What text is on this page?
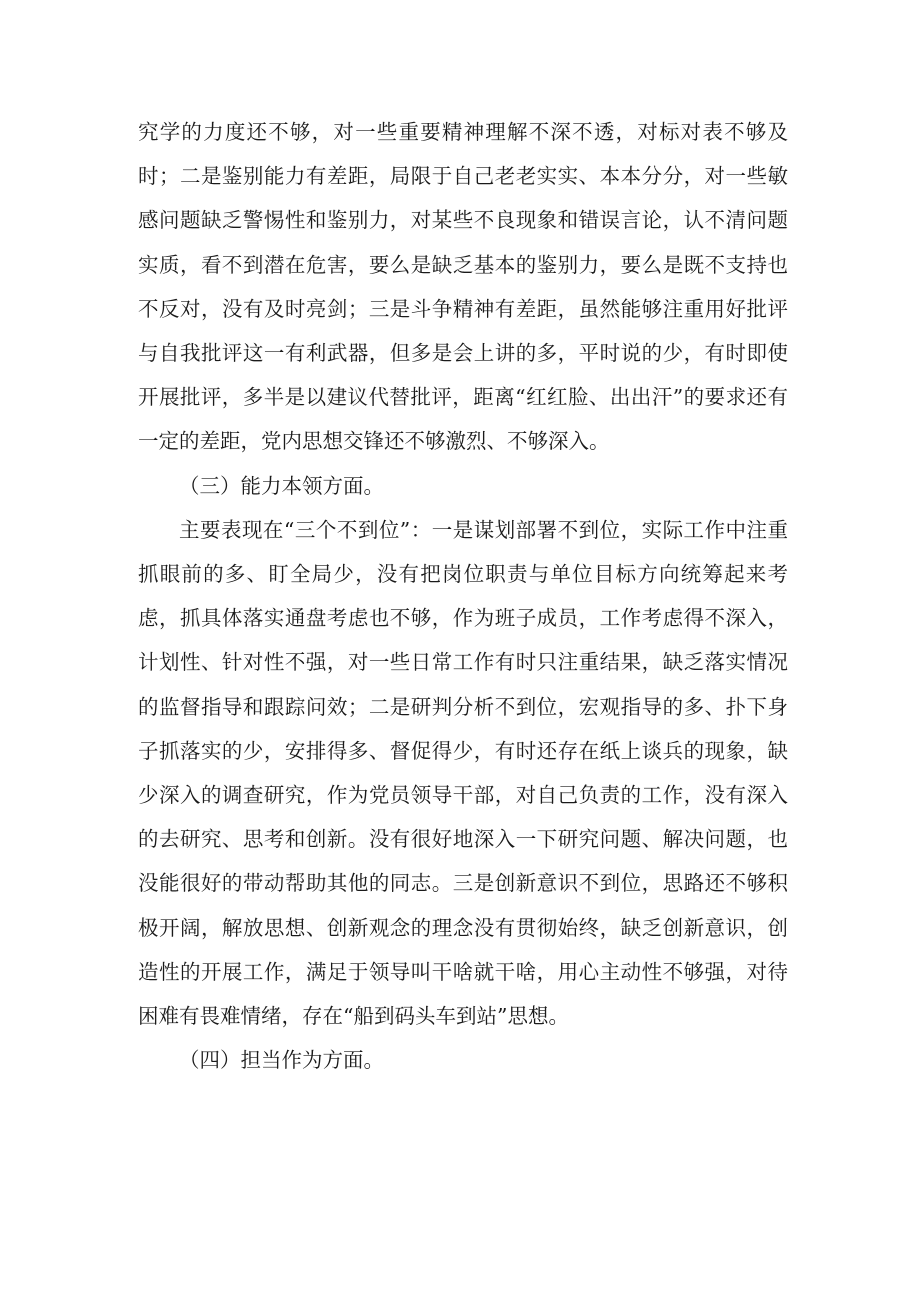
究学的力度还不够，对一些重要精神理解不深不透，对标对表不够及时；二是鉴别能力有差距，局限于自己老老实实、本本分分，对一些敏感问题缺乏警惕性和鉴别力，对某些不良现象和错误言论，认不清问题实质，看不到潜在危害，要么是缺乏基本的鉴别力，要么是既不支持也不反对，没有及时亮剑；三是斗争精神有差距，虽然能够注重用好批评与自我批评这一有利武器，但多是会上讲的多，平时说的少，有时即使开展批评，多半是以建议代替批评，距离“红红脸、出出汗”的要求还有一定的差距，党内思想交锋还不够激烈、不够深入。

（三）能力本领方面。

主要表现在“三个不到位”：一是谋划部署不到位，实际工作中注重抓眼前的多、盯全局少，没有把岗位职责与单位目标方向统筹起来考虑，抓具体落实通盘考虑也不够，作为班子成员，工作考虑得不深入，计划性、针对性不强，对一些日常工作有时只注重结果，缺乏落实情况的监督指导和跟踪问效；二是研判分析不到位，宏观指导的多、扑下身子抓落实的少，安排得多、督促得少，有时还存在纸上谈兵的现象，缺少深入的调查研究，作为党员领导干部，对自己负责的工作，没有深入的去研究、思考和创新。没有很好地深入一下研究问题、解决问题，也没能很好的带动帮助其他的同志。三是创新意识不到位，思路还不够积极开阔，解放思想、创新观念的理念没有贯彻始终，缺乏创新意识，创造性的开展工作，满足于领导叫干啥就干啥，用心主动性不够强，对待困难有畏难情绪，存在“船到码头车到站”思想。

（四）担当作为方面。
